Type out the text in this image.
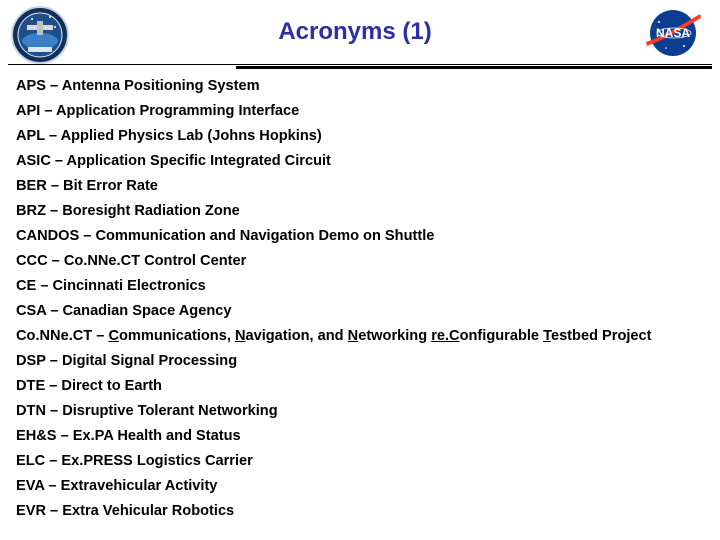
Acronyms (1)	NASA
APS – Antenna Positioning System
API – Application Programming Interface
APL – Applied Physics Lab (Johns Hopkins)
ASIC – Application Specific Integrated Circuit
BER – Bit Error Rate
BRZ – Boresight Radiation Zone
CANDOS – Communication and Navigation Demo on Shuttle
CCC – Co.NNe.CT Control Center
CE – Cincinnati Electronics
CSA – Canadian Space Agency
Co.NNe.CT – Communications, Navigation, and Networking re.Configurable Testbed Project
DSP – Digital Signal Processing
DTE – Direct to Earth
DTN – Disruptive Tolerant Networking
EH&S – Ex.PA Health and Status
ELC – Ex.PRESS Logistics Carrier
EVA – Extravehicular Activity
EVR – Extra Vehicular Robotics
